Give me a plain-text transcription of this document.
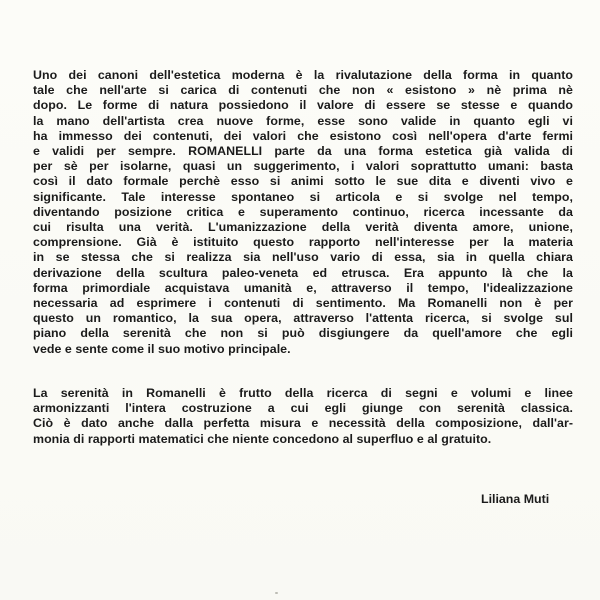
Uno dei canoni dell'estetica moderna è la rivalutazione della forma in quanto
tale che nell'arte si carica di contenuti che non « esistono » nè prima nè
dopo. Le forme di natura possiedono il valore di essere se stesse e quando
la mano dell'artista crea nuove forme, esse sono valide in quanto egli vi
ha immesso dei contenuti, dei valori che esistono così nell'opera d'arte fermi
e validi per sempre. ROMANELLI parte da una forma estetica già valida di
per sè per isolarne, quasi un suggerimento, i valori soprattutto umani: basta
così il dato formale perchè esso si animi sotto le sue dita e diventi vivo e
significante. Tale interesse spontaneo si articola e si svolge nel tempo,
diventando posizione critica e superamento continuo, ricerca incessante da
cui risulta una verità. L'umanizzazione della verità diventa amore, unione,
comprensione. Già è istituito questo rapporto nell'interesse per la materia
in se stessa che si realizza sia nell'uso vario di essa, sia in quella chiara
derivazione della scultura paleo-veneta ed etrusca. Era appunto là che la
forma primordiale acquistava umanità e, attraverso il tempo, l'idealizzazione
necessaria ad esprimere i contenuti di sentimento. Ma Romanelli non è per
questo un romantico, la sua opera, attraverso l'attenta ricerca, si svolge sul
piano della serenità che non si può disgiungere da quell'amore che egli
vede e sente come il suo motivo principale.
La serenità in Romanelli è frutto della ricerca di segni e volumi e linee
armonizzanti l'intera costruzione a cui egli giunge con serenità classica.
Ciò è dato anche dalla perfetta misura e necessità della composizione, dall'ar-
monia di rapporti matematici che niente concedono al superfluo e al gratuito.
Liliana Muti
